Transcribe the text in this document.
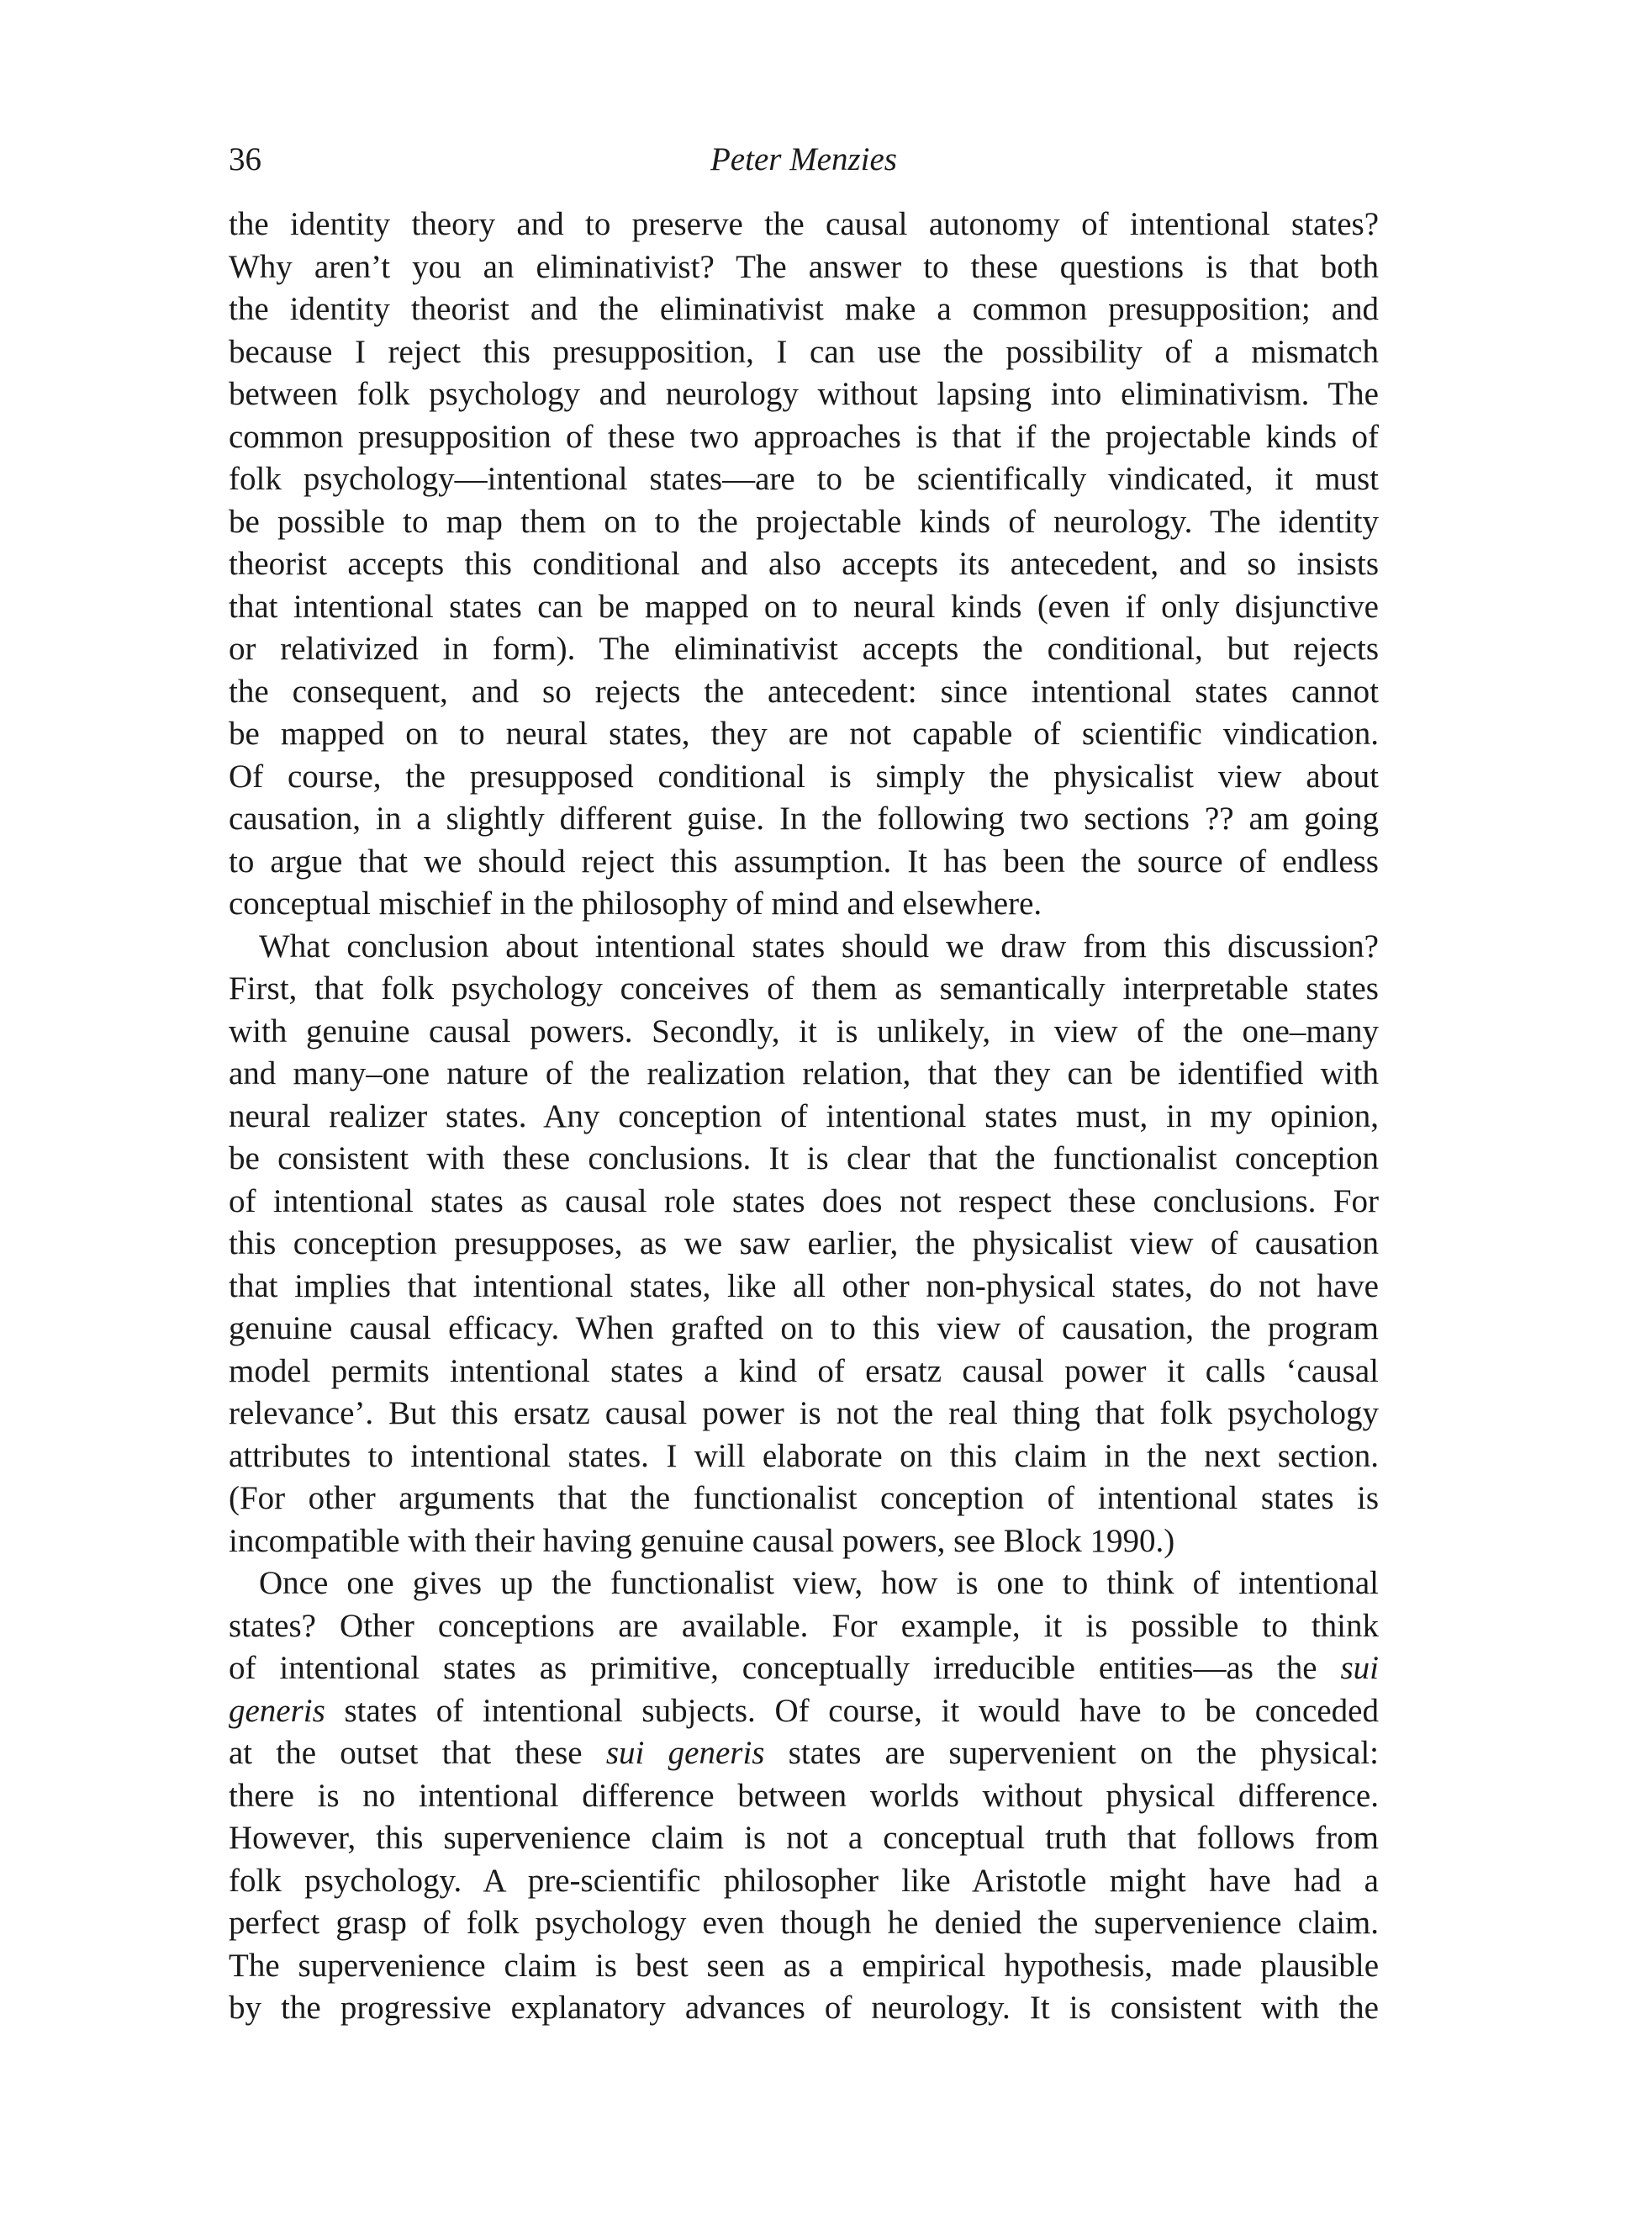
36	Peter Menzies
the identity theory and to preserve the causal autonomy of intentional states?
Why aren’t you an eliminativist? The answer to these questions is that both
the identity theorist and the eliminativist make a common presupposition; and
because I reject this presupposition, I can use the possibility of a mismatch
between folk psychology and neurology without lapsing into eliminativism. The
common presupposition of these two approaches is that if the projectable kinds of
folk psychology—intentional states—are to be scientifically vindicated, it must
be possible to map them on to the projectable kinds of neurology. The identity
theorist accepts this conditional and also accepts its antecedent, and so insists
that intentional states can be mapped on to neural kinds (even if only disjunctive
or relativized in form). The eliminativist accepts the conditional, but rejects
the consequent, and so rejects the antecedent: since intentional states cannot
be mapped on to neural states, they are not capable of scientific vindication.
Of course, the presupposed conditional is simply the physicalist view about
causation, in a slightly different guise. In the following two sections ?? am going
to argue that we should reject this assumption. It has been the source of endless
conceptual mischief in the philosophy of mind and elsewhere.
What conclusion about intentional states should we draw from this discussion?
First, that folk psychology conceives of them as semantically interpretable states
with genuine causal powers. Secondly, it is unlikely, in view of the one–many
and many–one nature of the realization relation, that they can be identified with
neural realizer states. Any conception of intentional states must, in my opinion,
be consistent with these conclusions. It is clear that the functionalist conception
of intentional states as causal role states does not respect these conclusions. For
this conception presupposes, as we saw earlier, the physicalist view of causation
that implies that intentional states, like all other non-physical states, do not have
genuine causal efficacy. When grafted on to this view of causation, the program
model permits intentional states a kind of ersatz causal power it calls ‘causal
relevance’. But this ersatz causal power is not the real thing that folk psychology
attributes to intentional states. I will elaborate on this claim in the next section.
(For other arguments that the functionalist conception of intentional states is
incompatible with their having genuine causal powers, see Block 1990.)
Once one gives up the functionalist view, how is one to think of intentional
states? Other conceptions are available. For example, it is possible to think
of intentional states as primitive, conceptually irreducible entities—as the sui
generis states of intentional subjects. Of course, it would have to be conceded
at the outset that these sui generis states are supervenient on the physical:
there is no intentional difference between worlds without physical difference.
However, this supervenience claim is not a conceptual truth that follows from
folk psychology. A pre-scientific philosopher like Aristotle might have had a
perfect grasp of folk psychology even though he denied the supervenience claim.
The supervenience claim is best seen as a empirical hypothesis, made plausible
by the progressive explanatory advances of neurology. It is consistent with the
